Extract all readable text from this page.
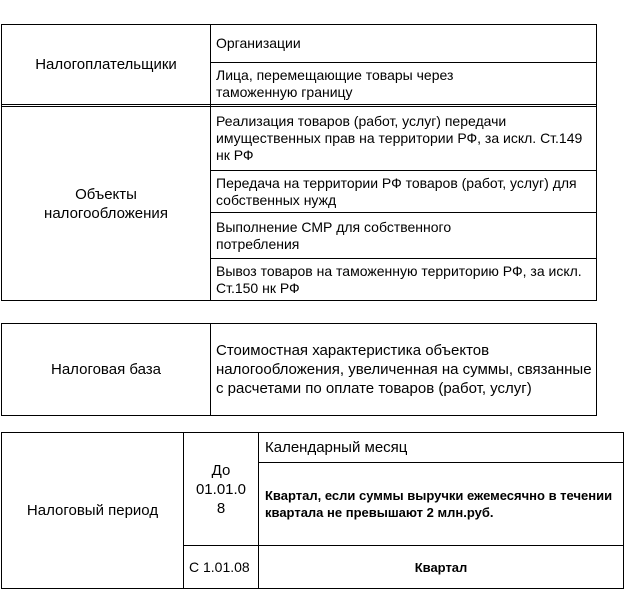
Налогоплательщики
Организации
Лица, перемещающие товары через таможенную границу
Объекты налогообложения
Реализация товаров (работ, услуг) передачи имущественных прав на территории РФ, за искл. Ст.149 нк РФ
Передача на территории РФ товаров (работ, услуг) для собственных нужд
Выполнение СМР для собственного потребления
Вывоз товаров на таможенную территорию РФ, за искл. Ст.150 нк РФ
Налоговая база
Стоимостная характеристика объектов налогообложения, увеличенная на суммы, связанные с расчетами по оплате товаров (работ, услуг)
Налоговый период
До 01.01.0 8
Календарный месяц
Квартал, если суммы выручки ежемесячно в течении квартала не превышают 2 млн.руб.
С 1.01.08	Квартал
